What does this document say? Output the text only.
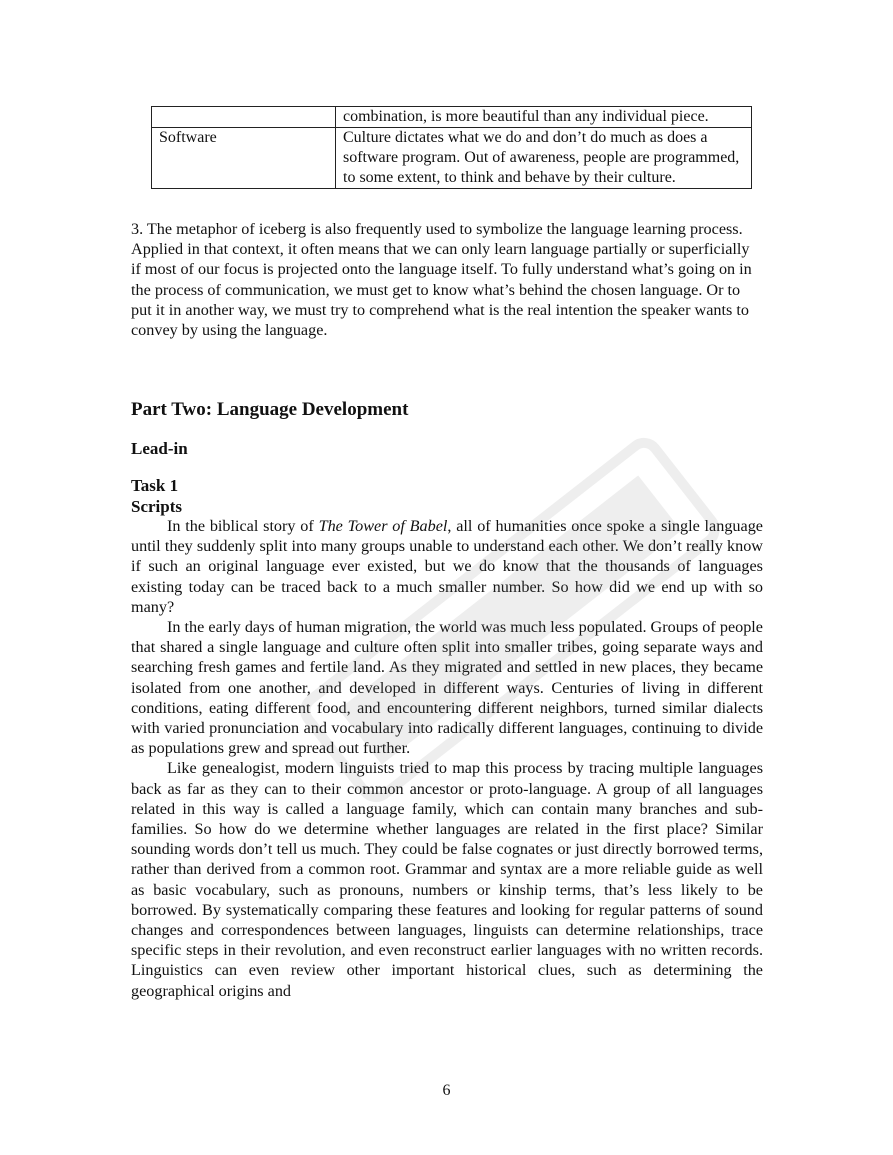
	combination, is more beautiful than any individual piece.
Software	Culture dictates what we do and don’t do much as does a software program. Out of awareness, people are programmed, to some extent, to think and behave by their culture.
3. The metaphor of iceberg is also frequently used to symbolize the language learning process. Applied in that context, it often means that we can only learn language partially or superficially if most of our focus is projected onto the language itself. To fully understand what’s going on in the process of communication, we must get to know what’s behind the chosen language. Or to put it in another way, we must try to comprehend what is the real intention the speaker wants to convey by using the language.
Part Two: Language Development
Lead-in
Task 1
Scripts

In the biblical story of The Tower of Babel, all of humanities once spoke a single language until they suddenly split into many groups unable to understand each other. We don’t really know if such an original language ever existed, but we do know that the thousands of languages existing today can be traced back to a much smaller number. So how did we end up with so many?

In the early days of human migration, the world was much less populated. Groups of people that shared a single language and culture often split into smaller tribes, going separate ways and searching fresh games and fertile land. As they migrated and settled in new places, they became isolated from one another, and developed in different ways. Centuries of living in different conditions, eating different food, and encountering different neighbors, turned similar dialects with varied pronunciation and vocabulary into radically different languages, continuing to divide as populations grew and spread out further.

Like genealogist, modern linguists tried to map this process by tracing multiple languages back as far as they can to their common ancestor or proto-language. A group of all languages related in this way is called a language family, which can contain many branches and sub-families. So how do we determine whether languages are related in the first place? Similar sounding words don’t tell us much. They could be false cognates or just directly borrowed terms, rather than derived from a common root. Grammar and syntax are a more reliable guide as well as basic vocabulary, such as pronouns, numbers or kinship terms, that’s less likely to be borrowed. By systematically comparing these features and looking for regular patterns of sound changes and correspondences between languages, linguists can determine relationships, trace specific steps in their revolution, and even reconstruct earlier languages with no written records. Linguistics can even review other important historical clues, such as determining the geographical origins and

6
